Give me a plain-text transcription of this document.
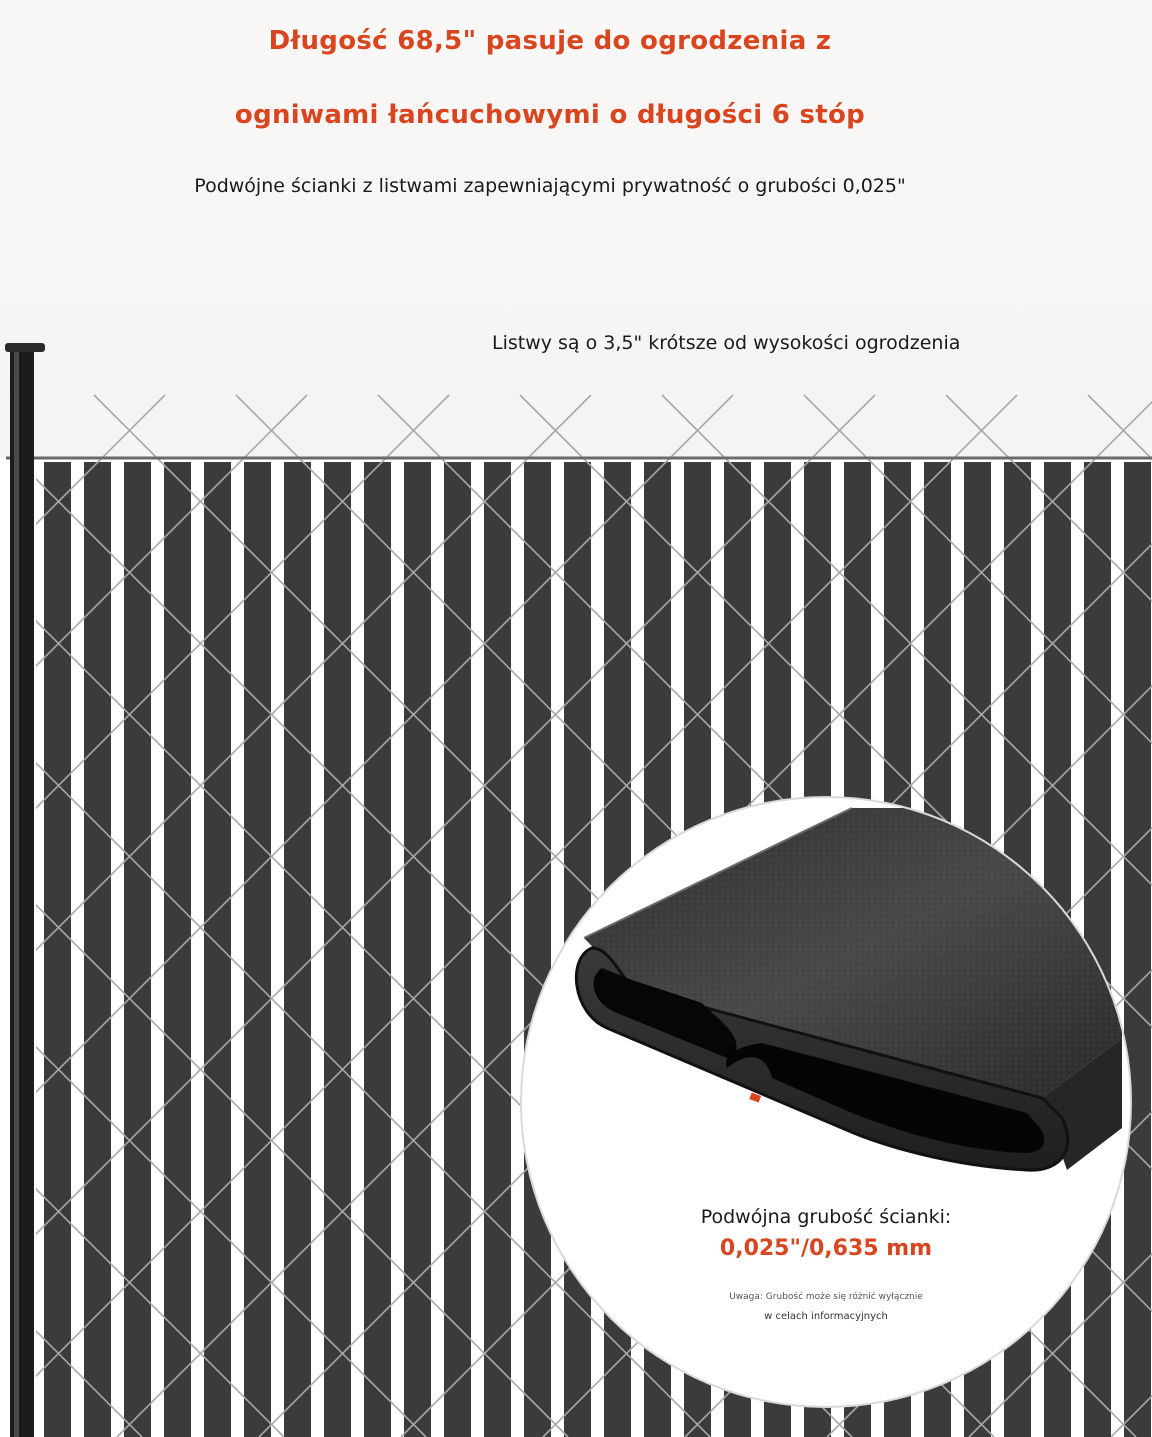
Długość 68,5" pasuje do ogrodzenia z
ogniwami łańcuchowymi o długości 6 stóp
Podwójne ścianki z listwami zapewniającymi prywatność o grubości 0,025"
Listwy są o 3,5" krótsze od wysokości ogrodzenia
Podwójna grubość ścianki:
0,025"/0,635 mm
Uwaga: Grubość może się różnić wyłącznie
w celach informacyjnych
